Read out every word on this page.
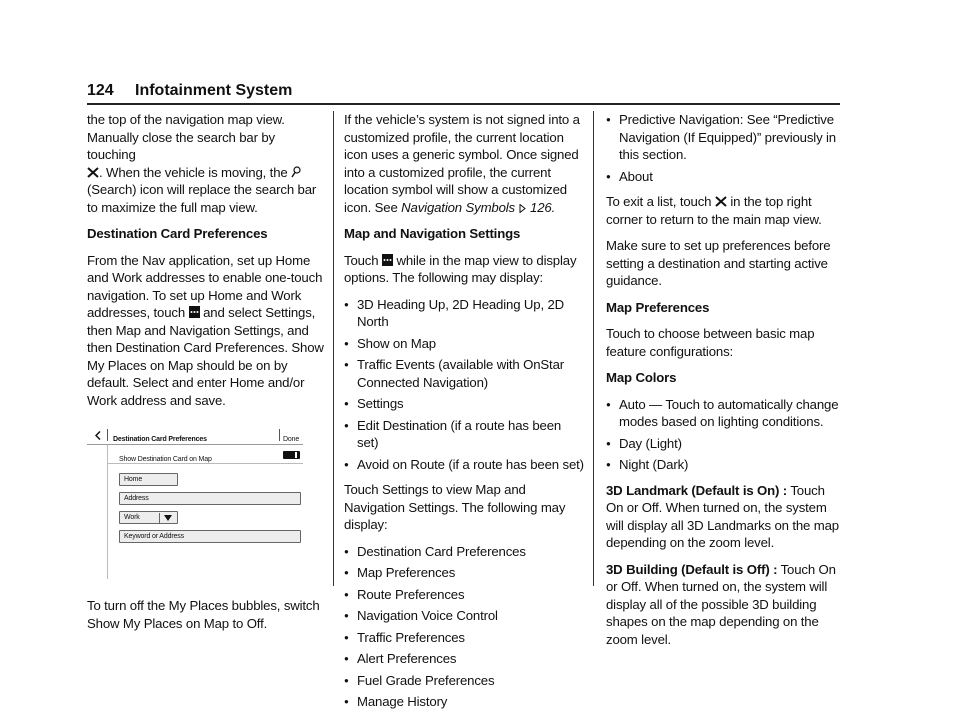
124 Infotainment System

the top of the navigation map view. Manually close the search bar by touching
. When the vehicle is moving, the  (Search) icon will replace the search bar to maximize the full map view.

Destination Card Preferences

From the Nav application, set up Home and Work addresses to enable one-touch navigation. To set up Home and Work addresses, touch and select Settings, then Map and Navigation Settings, and then Destination Card Preferences. Show My Places on Map should be on by default. Select and enter Home and/or Work address and save.

Destination Card Preferences	Done
Show Destination Card on Map
Home
Address
Work
Keyword or Address

To turn off the My Places bubbles, switch Show My Places on Map to Off.

If the vehicle’s system is not signed into a customized profile, the current location icon uses a generic symbol. Once signed into a customized profile, the current location symbol will show a customized icon. See Navigation Symbols 126.

Map and Navigation Settings

Touch while in the map view to display options. The following may display:

● 3D Heading Up, 2D Heading Up, 2D North
● Show on Map
● Traffic Events (available with OnStar Connected Navigation)
● Settings
● Edit Destination (if a route has been set)
● Avoid on Route (if a route has been set)

Touch Settings to view Map and Navigation Settings. The following may display:

● Destination Card Preferences
● Map Preferences
● Route Preferences
● Navigation Voice Control
● Traffic Preferences
● Alert Preferences
● Fuel Grade Preferences
● Manage History
● Predictive Navigation: See “Predictive Navigation (If Equipped)” previously in this section.
● About

To exit a list, touch in the top right corner to return to the main map view.

Make sure to set up preferences before setting a destination and starting active guidance.

Map Preferences

Touch to choose between basic map feature configurations:

Map Colors

● Auto — Touch to automatically change modes based on lighting conditions.
● Day (Light)
● Night (Dark)

3D Landmark (Default is On) : Touch On or Off. When turned on, the system will display all 3D Landmarks on the map depending on the zoom level.

3D Building (Default is Off) : Touch On or Off. When turned on, the system will display all of the possible 3D building shapes on the map depending on the zoom level.
